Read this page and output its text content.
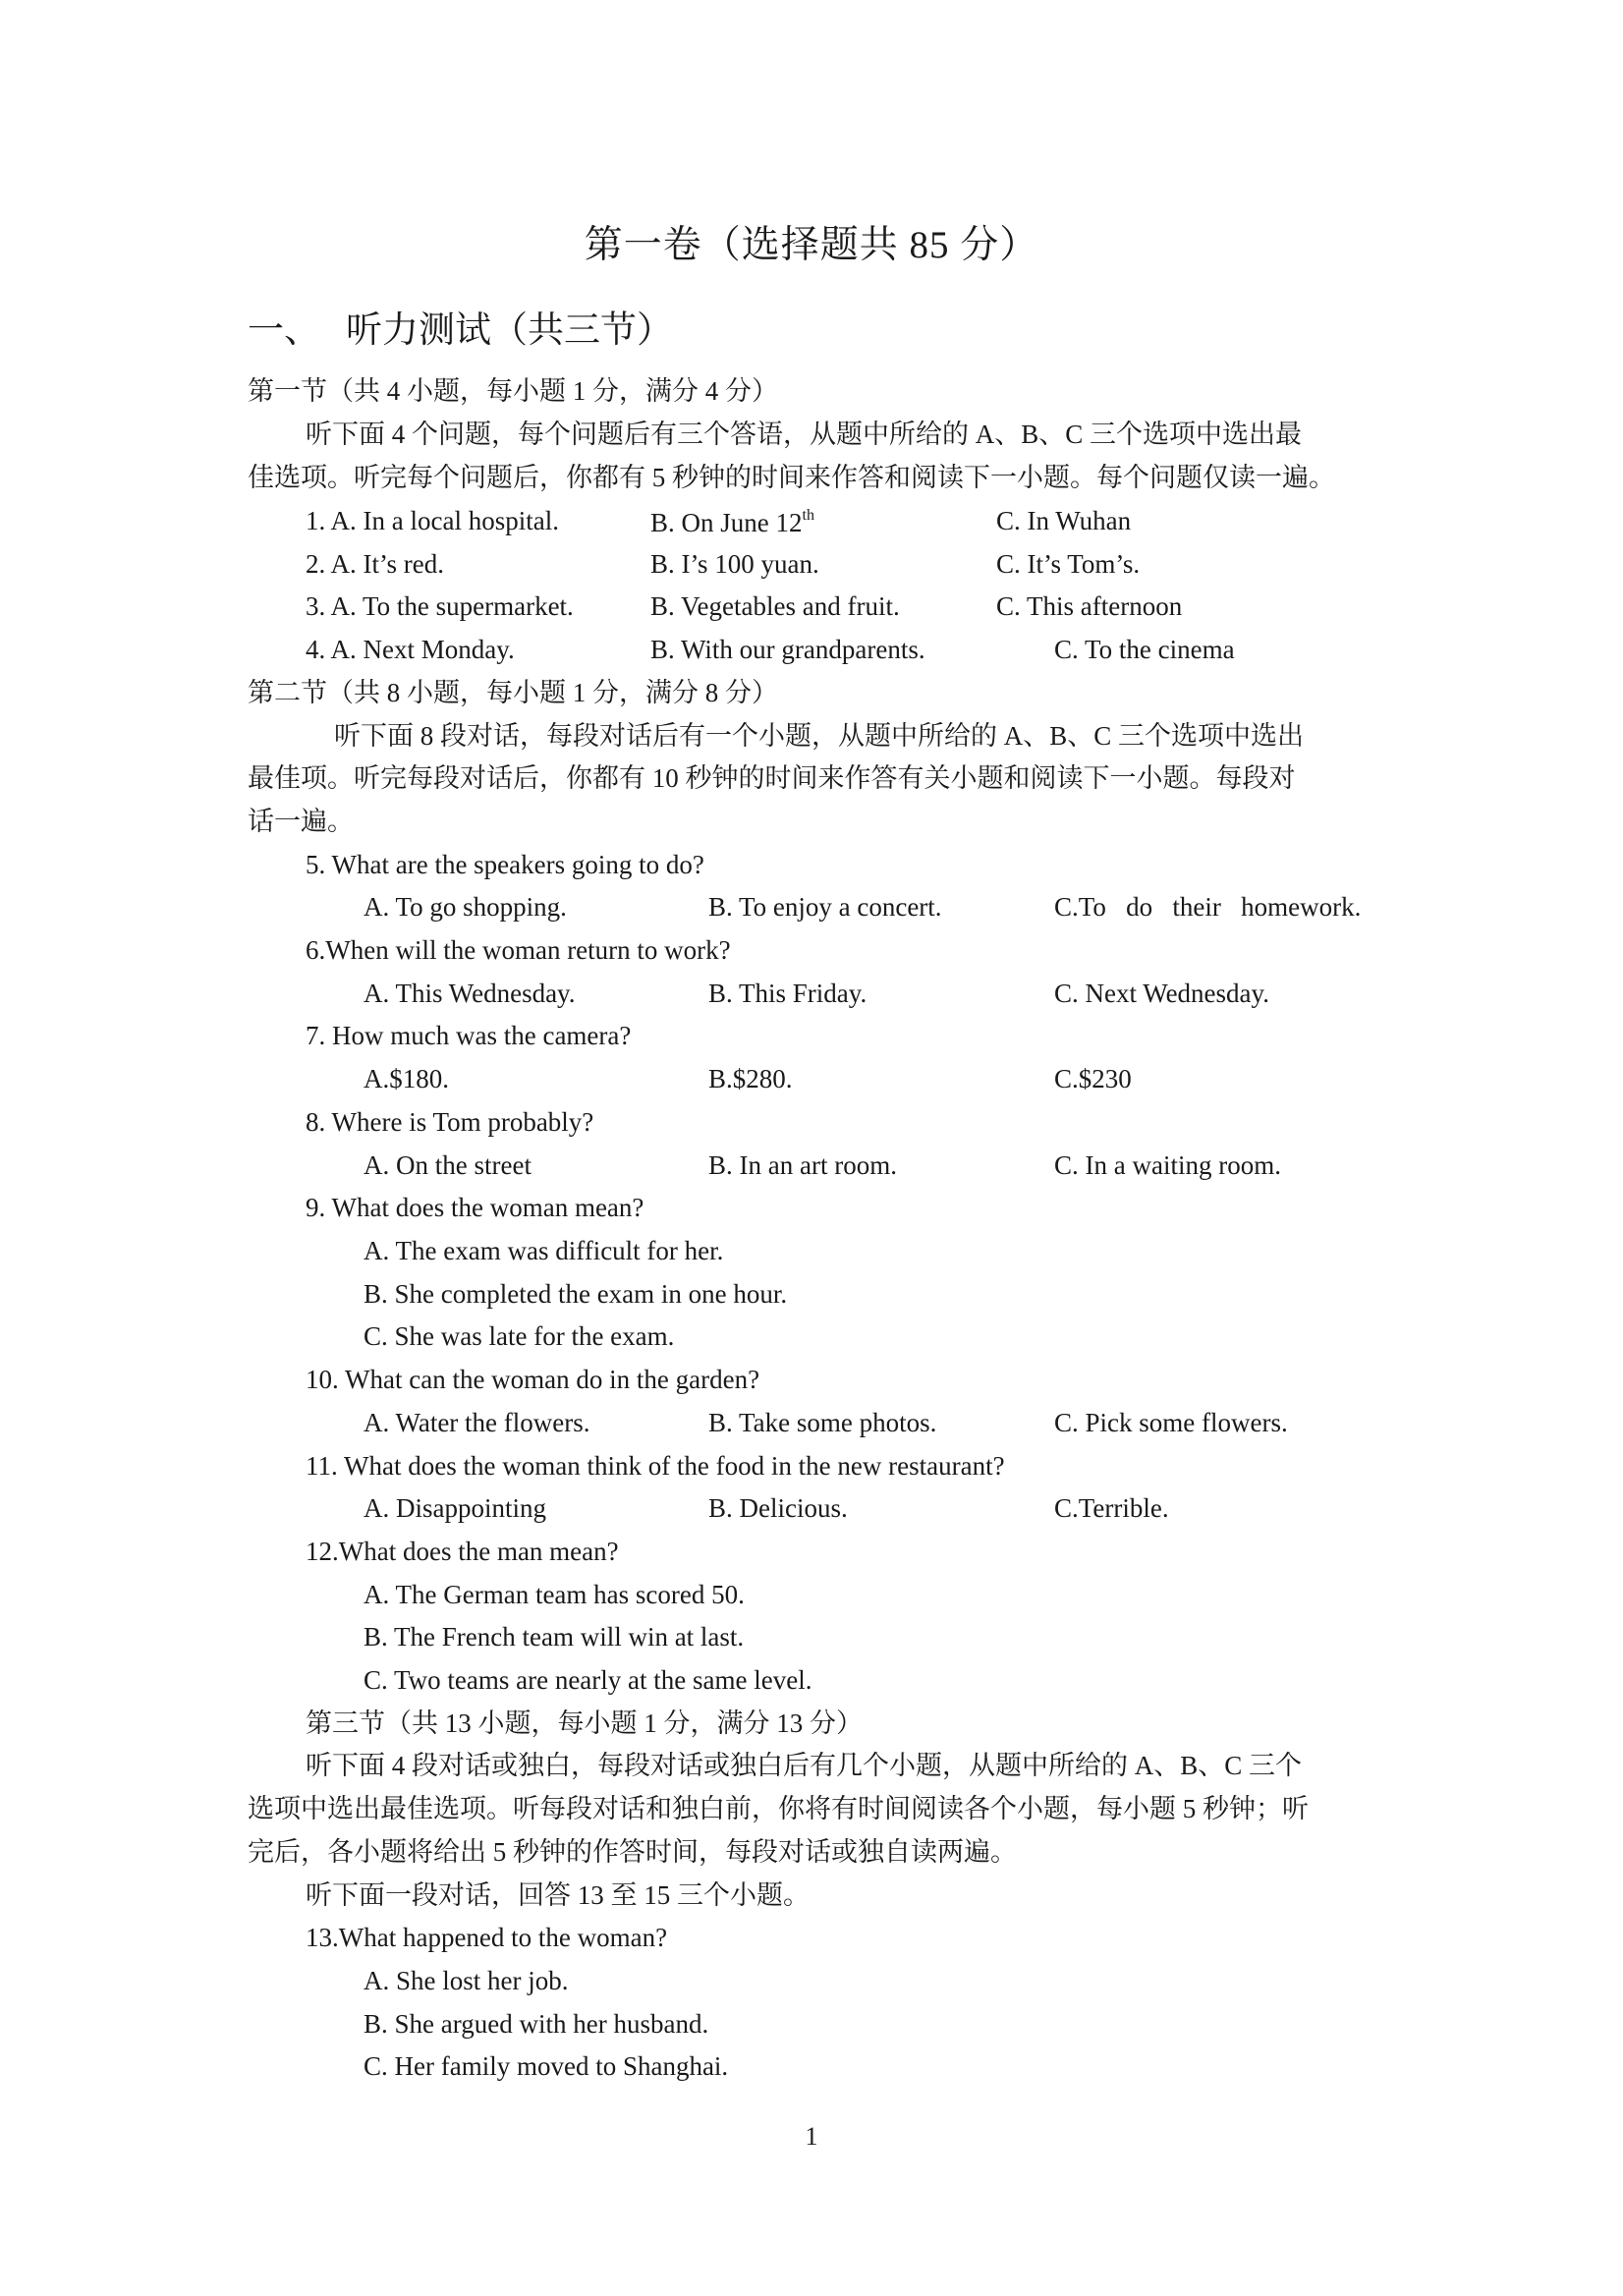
第一卷（选择题共 85 分）
一、 听力测试（共三节）
第一节（共 4 小题，每小题 1 分，满分 4 分）
听下面 4 个问题，每个问题后有三个答语，从题中所给的 A、B、C 三个选项中选出最
佳选项。听完每个问题后，你都有 5 秒钟的时间来作答和阅读下一小题。每个问题仅读一遍。
1. A. In a local hospital.	B. On June 12th	C. In Wuhan
2. A. It’s red.	B. I’s 100 yuan.	C. It’s Tom’s.
3. A. To the supermarket.	B. Vegetables and fruit.	C. This afternoon
4. A. Next Monday.	B. With our grandparents.	C. To the cinema
第二节（共 8 小题，每小题 1 分，满分 8 分）
听下面 8 段对话，每段对话后有一个小题，从题中所给的 A、B、C 三个选项中选出
最佳项。听完每段对话后，你都有 10 秒钟的时间来作答有关小题和阅读下一小题。每段对
话一遍。
5. What are the speakers going to do?
A. To go shopping.	B. To enjoy a concert.	C.To   do   their   homework.
6.When will the woman return to work?
A. This Wednesday.	B. This Friday.	C. Next Wednesday.
7. How much was the camera?
A.$180.	B.$280.	C.$230
8. Where is Tom probably?
A. On the street	B. In an art room.	C. In a waiting room.
9. What does the woman mean?
A. The exam was difficult for her.
B. She completed the exam in one hour.
C. She was late for the exam.
10. What can the woman do in the garden?
A. Water the flowers.	B. Take some photos.	C. Pick some flowers.
11. What does the woman think of the food in the new restaurant?
A. Disappointing	B. Delicious.	C.Terrible.
12.What does the man mean?
A. The German team has scored 50.
B. The French team will win at last.
C. Two teams are nearly at the same level.
第三节（共 13 小题，每小题 1 分，满分 13 分）
听下面 4 段对话或独白，每段对话或独白后有几个小题，从题中所给的 A、B、C 三个
选项中选出最佳选项。听每段对话和独白前，你将有时间阅读各个小题，每小题 5 秒钟；听
完后，各小题将给出 5 秒钟的作答时间，每段对话或独自读两遍。
听下面一段对话，回答 13 至 15 三个小题。
13.What happened to the woman?
A. She lost her job.
B. She argued with her husband.
C. Her family moved to Shanghai.
1
